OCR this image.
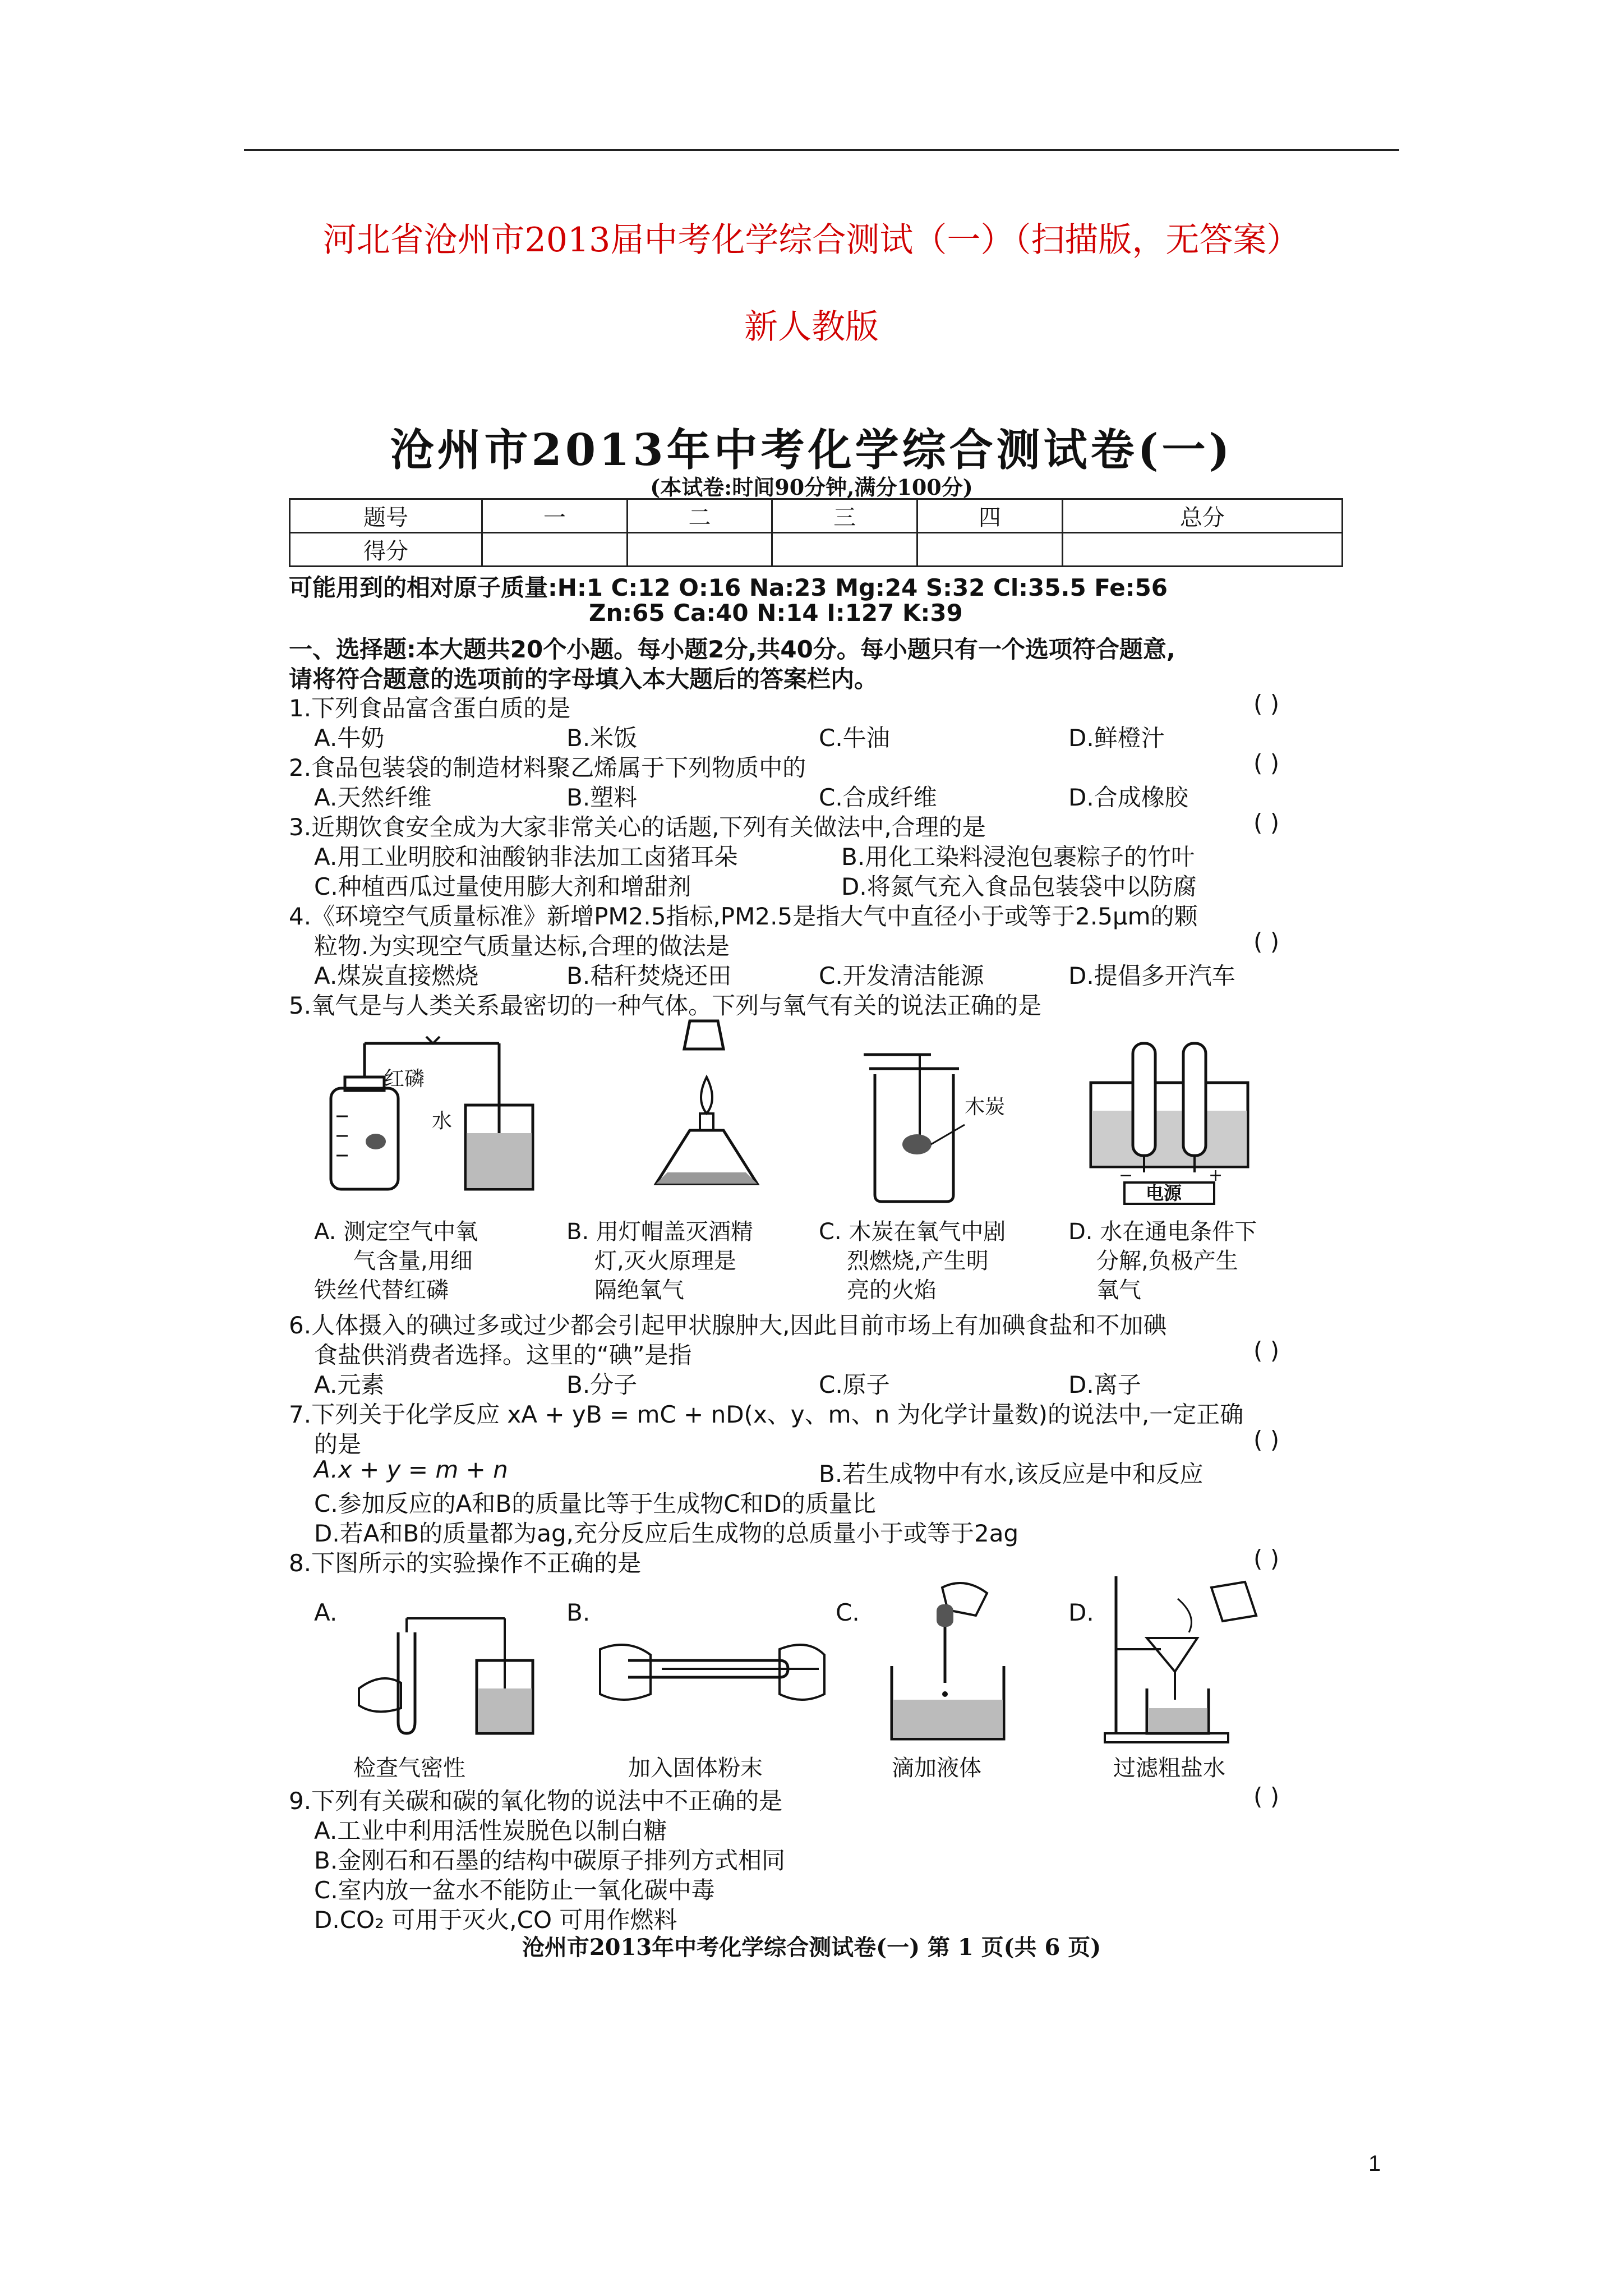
河北省沧州市2013届中考化学综合测试（一）（扫描版，无答案）
新人教版
沧州市2013年中考化学综合测试卷(一)
(本试卷:时间90分钟,满分100分)
题号	一	二	三	四	总分
得分					
可能用到的相对原子质量:H:1 C:12 O:16 Na:23 Mg:24 S:32 Cl:35.5 Fe:56
Zn:65 Ca:40 N:14 I:127 K:39
一、选择题:本大题共20个小题。每小题2分,共40分。每小题只有一个选项符合题意,
请将符合题意的选项前的字母填入本大题后的答案栏内。
1.下列食品富含蛋白质的是	( )
A.牛奶	B.米饭	C.牛油	D.鲜橙汁
2.食品包装袋的制造材料聚乙烯属于下列物质中的	( )
A.天然纤维	B.塑料	C.合成纤维	D.合成橡胶
3.近期饮食安全成为大家非常关心的话题,下列有关做法中,合理的是	( )
A.用工业明胶和油酸钠非法加工卤猪耳朵	B.用化工染料浸泡包裹粽子的竹叶
C.种植西瓜过量使用膨大剂和增甜剂	D.将氮气充入食品包装袋中以防腐
4.《环境空气质量标准》新增PM2.5指标,PM2.5是指大气中直径小于或等于2.5μm的颗
粒物.为实现空气质量达标,合理的做法是	( )
A.煤炭直接燃烧	B.秸秆焚烧还田	C.开发清洁能源	D.提倡多开汽车
5.氧气是与人类关系最密切的一种气体。下列与氧气有关的说法正确的是
红磷
水
木炭
−	+
电源
A. 测定空气中氧
气含量,用细
铁丝代替红磷
B. 用灯帽盖灭酒精
灯,灭火原理是
隔绝氧气
C. 木炭在氧气中剧
烈燃烧,产生明
亮的火焰
D. 水在通电条件下
分解,负极产生
氧气
6.人体摄入的碘过多或过少都会引起甲状腺肿大,因此目前市场上有加碘食盐和不加碘
食盐供消费者选择。这里的“碘”是指	( )
A.元素	B.分子	C.原子	D.离子
7.下列关于化学反应 xA + yB = mC + nD(x、y、m、n 为化学计量数)的说法中,一定正确
的是	( )
A.x + y = m + n	B.若生成物中有水,该反应是中和反应
C.参加反应的A和B的质量比等于生成物C和D的质量比
D.若A和B的质量都为ag,充分反应后生成物的总质量小于或等于2ag
8.下图所示的实验操作不正确的是	( )
A.	B.	C.	D.
检查气密性	加入固体粉末	滴加液体	过滤粗盐水
9.下列有关碳和碳的氧化物的说法中不正确的是	( )
A.工业中利用活性炭脱色以制白糖
B.金刚石和石墨的结构中碳原子排列方式相同
C.室内放一盆水不能防止一氧化碳中毒
D.CO₂ 可用于灭火,CO 可用作燃料
沧州市2013年中考化学综合测试卷(一) 第 1 页(共 6 页)
1
